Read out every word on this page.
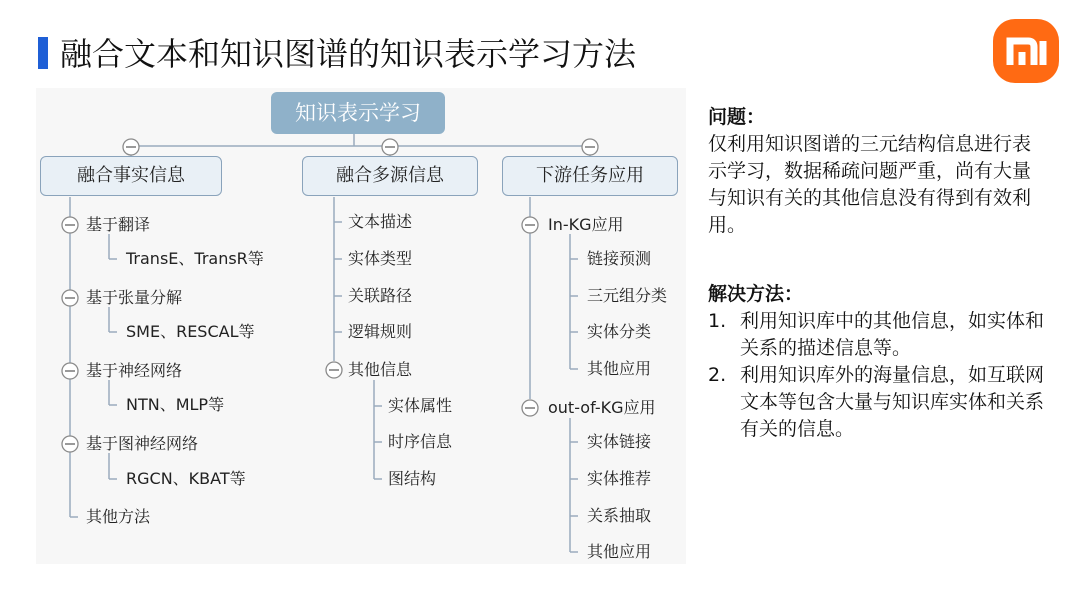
融合文本和知识图谱的知识表示学习方法
知识表示学习
融合事实信息	融合多源信息	下游任务应用
基于翻译
TransE、TransR等
基于张量分解
SME、RESCAL等
基于神经网络
NTN、MLP等
基于图神经网络
RGCN、KBAT等
其他方法
文本描述
实体类型
关联路径
逻辑规则
其他信息
实体属性
时序信息
图结构
In-KG应用
链接预测
三元组分类
实体分类
其他应用
out-of-KG应用
实体链接
实体推荐
关系抽取
其他应用
问题：

仅利用知识图谱的三元结构信息进行表示学习，数据稀疏问题严重，尚有大量与知识有关的其他信息没有得到有效利用。

解决方法：
1. 利用知识库中的其他信息，如实体和关系的描述信息等。
2. 利用知识库外的海量信息，如互联网文本等包含大量与知识库实体和关系有关的信息。
